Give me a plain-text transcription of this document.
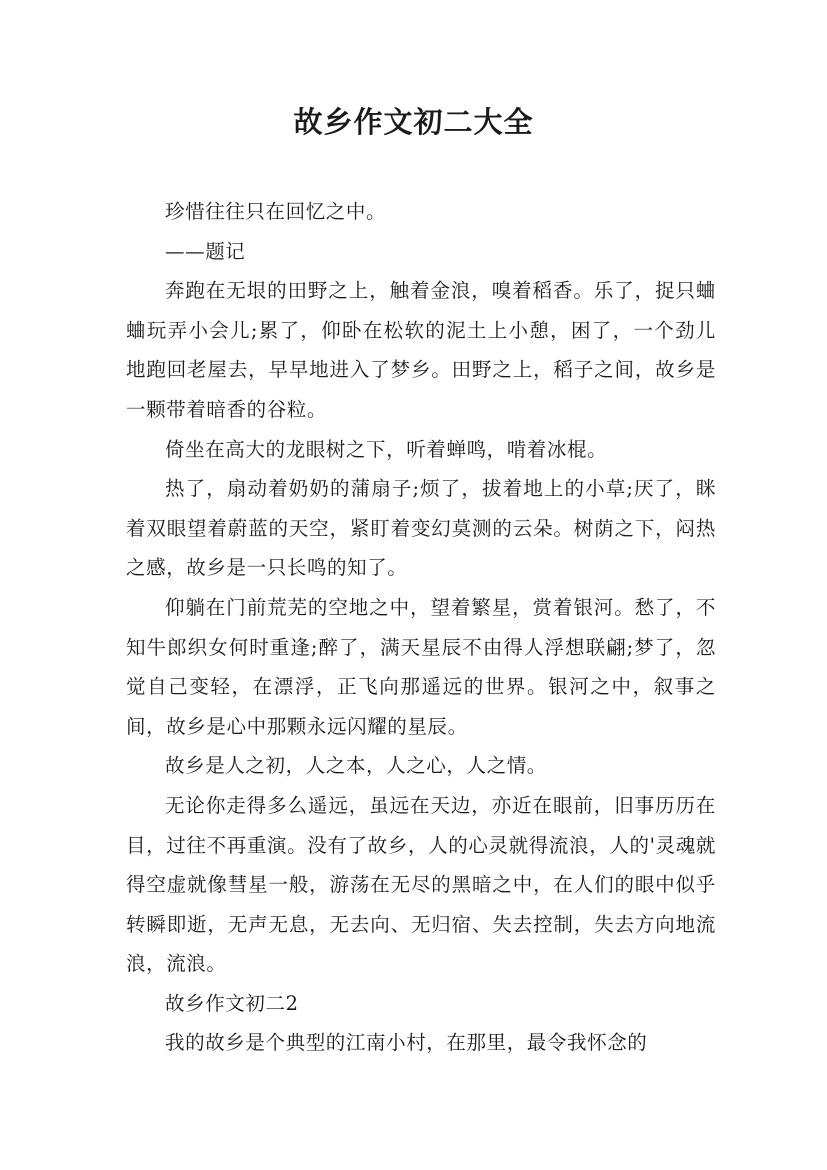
故乡作文初二大全

珍惜往往只在回忆之中。

——题记

奔跑在无垠的田野之上，触着金浪，嗅着稻香。乐了，捉只蛐蛐玩弄小会儿;累了，仰卧在松软的泥土上小憩，困了，一个劲儿地跑回老屋去，早早地进入了梦乡。田野之上，稻子之间，故乡是一颗带着暗香的谷粒。

倚坐在高大的龙眼树之下，听着蝉鸣，啃着冰棍。

热了，扇动着奶奶的蒲扇子;烦了，拔着地上的小草;厌了，眯着双眼望着蔚蓝的天空，紧盯着变幻莫测的云朵。树荫之下，闷热之感，故乡是一只长鸣的知了。

仰躺在门前荒芜的空地之中，望着繁星，赏着银河。愁了，不知牛郎织女何时重逢;醉了，满天星辰不由得人浮想联翩;梦了，忽觉自己变轻，在漂浮，正飞向那遥远的世界。银河之中，叙事之间，故乡是心中那颗永远闪耀的星辰。

故乡是人之初，人之本，人之心，人之情。

无论你走得多么遥远，虽远在天边，亦近在眼前，旧事历历在目，过往不再重演。没有了故乡，人的心灵就得流浪，人的'灵魂就得空虚就像彗星一般，游荡在无尽的黑暗之中，在人们的眼中似乎转瞬即逝，无声无息，无去向、无归宿、失去控制，失去方向地流浪，流浪。

故乡作文初二2

我的故乡是个典型的江南小村，在那里，最令我怀念的
